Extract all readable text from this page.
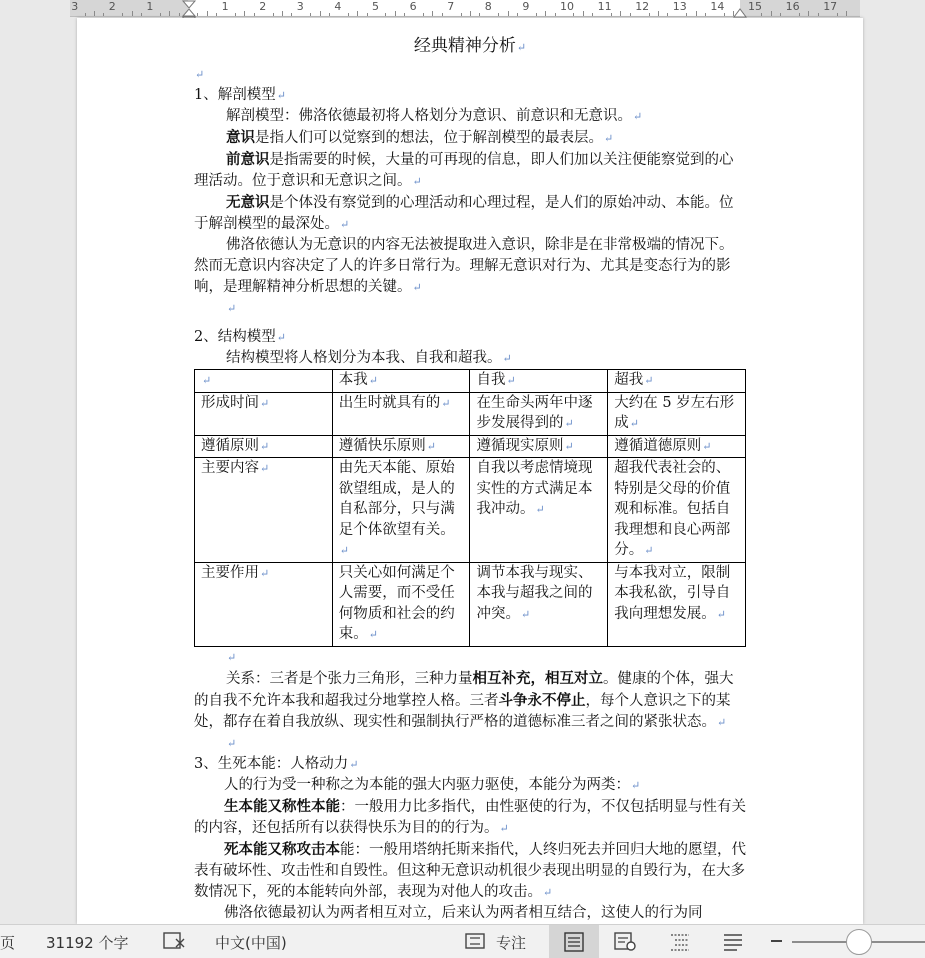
3	2	1	1	2	3	4	5	6	7	8	9	10 11 12 13 14 15 16 17
经典精神分析↵

↵

1、解剖模型↵

解剖模型：佛洛依德最初将人格划分为意识、前意识和无意识。↵

意识是指人们可以觉察到的想法，位于解剖模型的最表层。↵

前意识是指需要的时候，大量的可再现的信息，即人们加以关注便能察觉到的心理活动。位于意识和无意识之间。↵

无意识是个体没有察觉到的心理活动和心理过程，是人们的原始冲动、本能。位于解剖模型的最深处。↵

佛洛依德认为无意识的内容无法被提取进入意识，除非是在非常极端的情况下。然而无意识内容决定了人的许多日常行为。理解无意识对行为、尤其是变态行为的影响，是理解精神分析思想的关键。↵

↵

2、结构模型↵

结构模型将人格划分为本我、自我和超我。↵

↵	本我↵	自我↵	超我↵
形成时间↵	出生时就具有的↵	在生命头两年中逐步发展得到的↵	大约在 5 岁左右形成↵
遵循原则↵	遵循快乐原则↵	遵循现实原则↵	遵循道德原则↵
主要内容↵	由先天本能、原始欲望组成，是人的自私部分，只与满足个体欲望有关。↵	自我以考虑情境现实性的方式满足本我冲动。↵	超我代表社会的、特别是父母的价值观和标准。包括自我理想和良心两部分。↵
主要作用↵	只关心如何满足个人需要，而不受任何物质和社会的约束。↵	调节本我与现实、本我与超我之间的冲突。↵	与本我对立，限制本我私欲，引导自我向理想发展。↵

↵

关系：三者是个张力三角形，三种力量相互补充，相互对立。健康的个体，强大的自我不允许本我和超我过分地掌控人格。三者斗争永不停止，每个人意识之下的某处，都存在着自我放纵、现实性和强制执行严格的道德标准三者之间的紧张状态。↵

↵

3、生死本能：人格动力↵

人的行为受一种称之为本能的强大内驱力驱使，本能分为两类：↵

生本能又称性本能：一般用力比多指代，由性驱使的行为，不仅包括明显与性有关的内容，还包括所有以获得快乐为目的的行为。↵

死本能又称攻击本能：一般用塔纳托斯来指代，人终归死去并回归大地的愿望，代表有破坏性、攻击性和自毁性。但这种无意识动机很少表现出明显的自毁行为，在大多数情况下，死的本能转向外部，表现为对他人的攻击。↵

佛洛依德最初认为两者相互对立，后来认为两者相互结合，这使人的行为同

页 31192 个字	中文(中国)	专注
